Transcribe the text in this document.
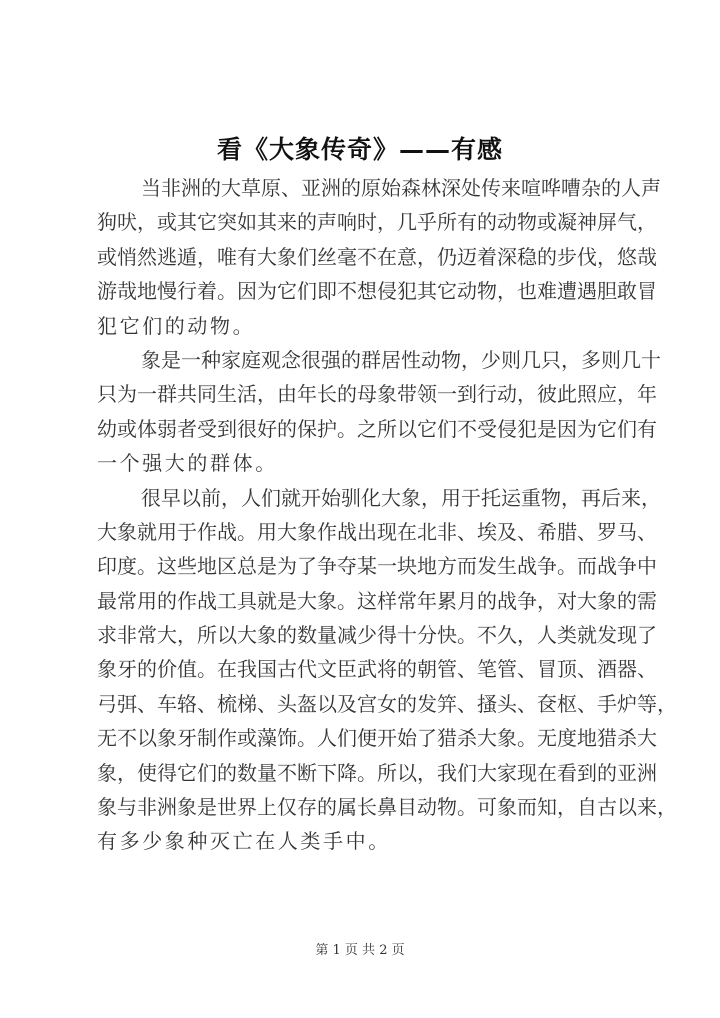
看《大象传奇》——有感
当非洲的大草原、亚洲的原始森林深处传来喧哗嘈杂的人声
狗吠，或其它突如其来的声响时，几乎所有的动物或凝神屏气，
或悄然逃遁，唯有大象们丝毫不在意，仍迈着深稳的步伐，悠哉
游哉地慢行着。因为它们即不想侵犯其它动物，也难遭遇胆敢冒
犯它们的动物。
象是一种家庭观念很强的群居性动物，少则几只，多则几十
只为一群共同生活，由年长的母象带领一到行动，彼此照应，年
幼或体弱者受到很好的保护。之所以它们不受侵犯是因为它们有
一个强大的群体。
很早以前，人们就开始驯化大象，用于托运重物，再后来，
大象就用于作战。用大象作战出现在北非、埃及、希腊、罗马、
印度。这些地区总是为了争夺某一块地方而发生战争。而战争中
最常用的作战工具就是大象。这样常年累月的战争，对大象的需
求非常大，所以大象的数量减少得十分快。不久，人类就发现了
象牙的价值。在我国古代文臣武将的朝管、笔管、冒顶、酒器、
弓弭、车辂、梳梯、头盔以及宫女的发笄、搔头、奁枢、手炉等，
无不以象牙制作或藻饰。人们便开始了猎杀大象。无度地猎杀大
象，使得它们的数量不断下降。所以，我们大家现在看到的亚洲
象与非洲象是世界上仅存的属长鼻目动物。可象而知，自古以来，
有多少象种灭亡在人类手中。
第 1 页 共 2 页
